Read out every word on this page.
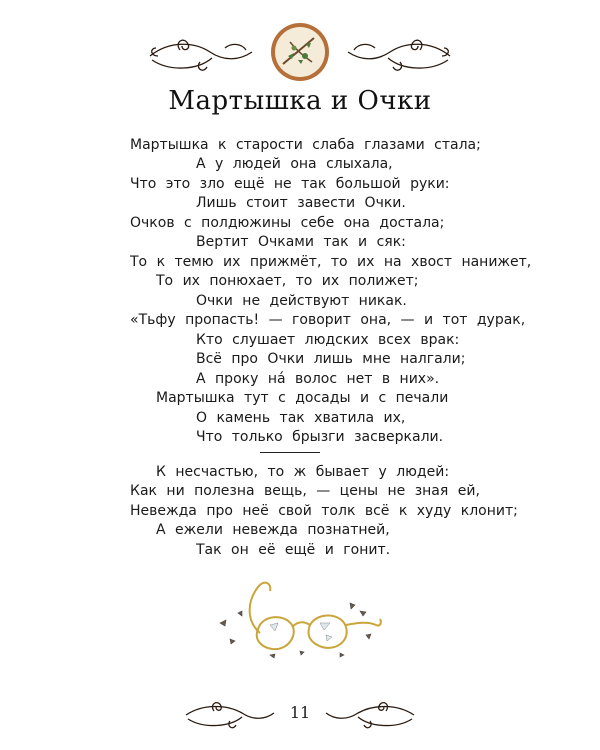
Мартышка и Очки
Мартышка к старости слаба глазами стала;
А у людей она слыхала,
Что это зло ещё не так большой руки:
Лишь стоит завести Очки.
Очков с полдюжины себе она достала;
Вертит Очками так и сяк:
То к темю их прижмёт, то их на хвост нанижет,
То их понюхает, то их полижет;
Очки не действуют никак.
«Тьфу пропасть! — говорит она, — и тот дурак,
Кто слушает людских всех врак:
Всё про Очки лишь мне налгали;
А проку на́ волос нет в них».
Мартышка тут с досады и с печали
О камень так хватила их,
Что только брызги засверкали.
К несчастью, то ж бывает у людей:
Как ни полезна вещь, — цены не зная ей,
Невежда про неё свой толк всё к худу клонит;
А ежели невежда познатней,
Так он её ещё и гонит.
11
